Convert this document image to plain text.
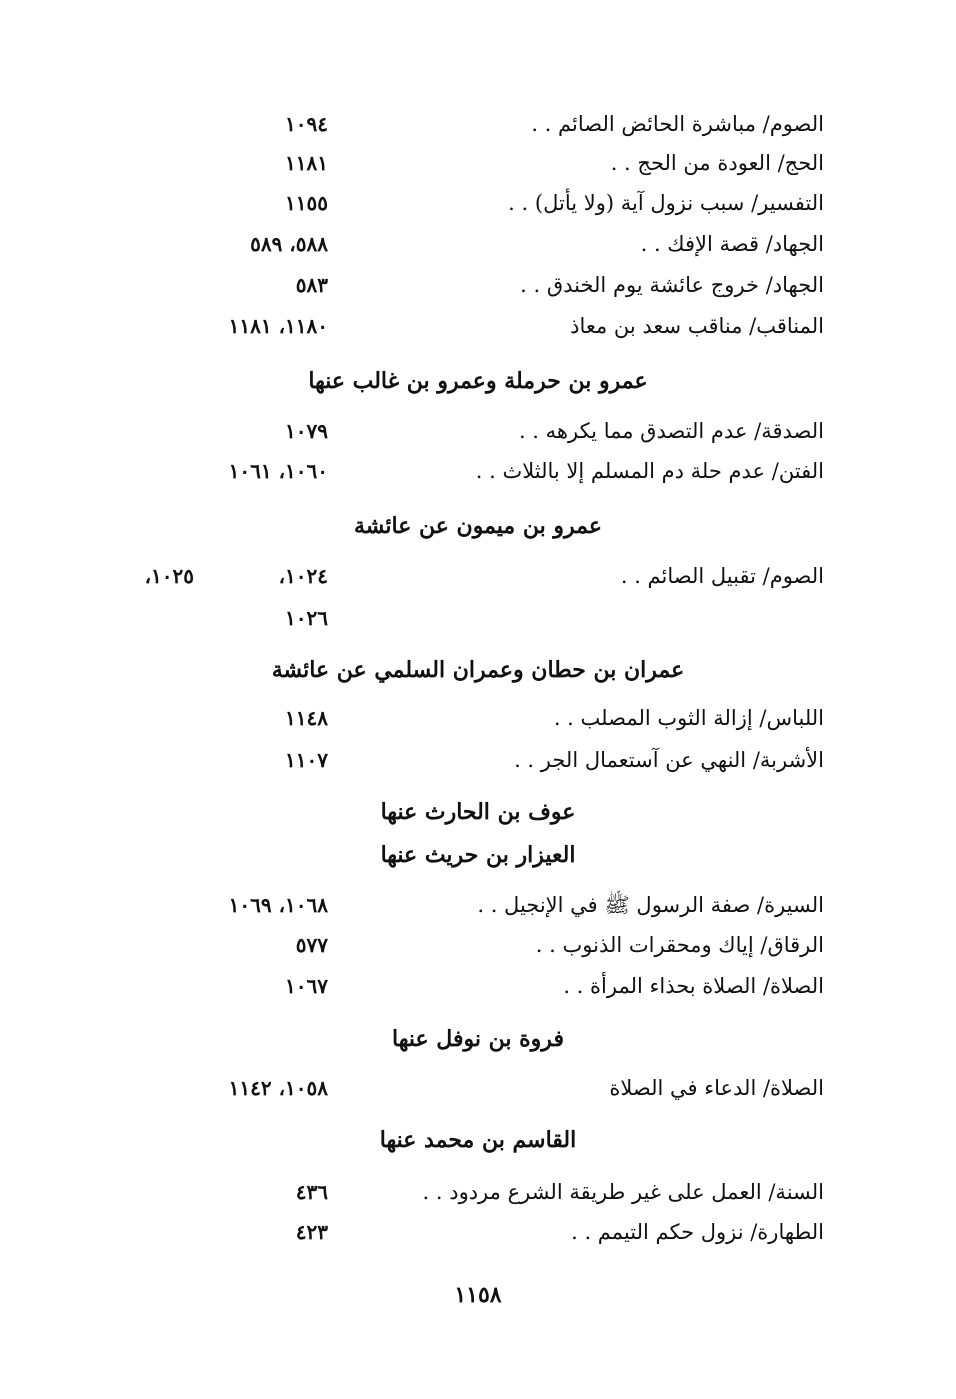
الصوم/ مباشرة الحائض الصائم . .
١٠٩٤
الحج/ العودة من الحج . .
١١٨١
التفسير/ سبب نزول آية (ولا يأتل) . .
١١٥٥
الجهاد/ قصة الإفك . .
٥٨٨، ٥٨٩
الجهاد/ خروج عائشة يوم الخندق . .
٥٨٣
المناقب/ مناقب سعد بن معاذ
١١٨٠، ١١٨١
عمرو بن حرملة وعمرو بن غالب عنها
الصدقة/ عدم التصدق مما يكرهه . .
١٠٧٩
الفتن/ عدم حلة دم المسلم إلا بالثلاث . .
١٠٦٠، ١٠٦١
عمرو بن ميمون عن عائشة
الصوم/ تقبيل الصائم . .
١٠٢٤،
١٠٢٥،
١٠٢٦
عمران بن حطان وعمران السلمي عن عائشة
اللباس/ إزالة الثوب المصلب . .
١١٤٨
الأشربة/ النهي عن آستعمال الجر . .
١١٠٧
عوف بن الحارث عنها
العيزار بن حريث عنها
السيرة/ صفة الرسول ﷺ في الإنجيل . .
١٠٦٨، ١٠٦٩
الرقاق/ إياك ومحقرات الذنوب . .
٥٧٧
الصلاة/ الصلاة بحذاء المرأة . .
١٠٦٧
فروة بن نوفل عنها
الصلاة/ الدعاء في الصلاة
١٠٥٨، ١١٤٢
القاسم بن محمد عنها
السنة/ العمل على غير طريقة الشرع مردود . .
٤٣٦
الطهارة/ نزول حكم التيمم . .
٤٢٣
١١٥٨
